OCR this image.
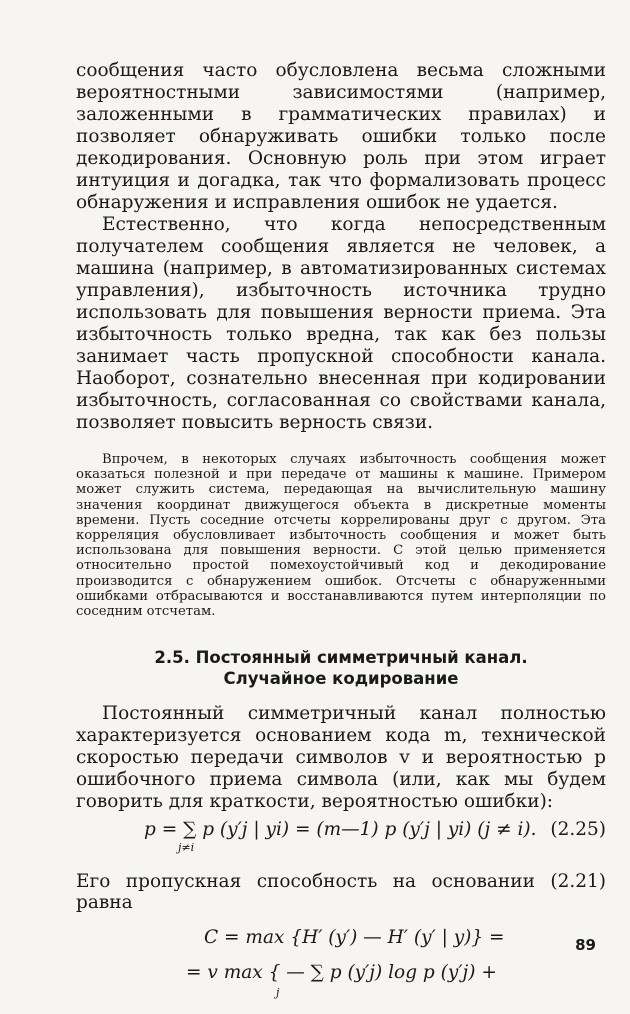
сообщения часто обусловлена весьма сложными вероятностными зависимостями (например, заложенными в грамматических правилах) и позволяет обнаруживать ошибки только после декодирования. Основную роль при этом играет интуиция и догадка, так что формализовать процесс обнаружения и исправления ошибок не удается.

Естественно, что когда непосредственным получателем сообщения является не человек, а машина (например, в автоматизированных системах управления), избыточность источника трудно использовать для повышения верности приема. Эта избыточность только вредна, так как без пользы занимает часть пропускной способности канала. Наоборот, сознательно внесенная при кодировании избыточность, согласованная со свойствами канала, позволяет повысить верность связи.

Впрочем, в некоторых случаях избыточность сообщения может оказаться полезной и при передаче от машины к машине. Примером может служить система, передающая на вычислительную машину значения координат движущегося объекта в дискретные моменты времени. Пусть соседние отсчеты коррелированы друг с другом. Эта корреляция обусловливает избыточность сообщения и может быть использована для повышения верности. С этой целью применяется относительно простой помехоустойчивый код и декодирование производится с обнаружением ошибок. Отсчеты с обнаруженными ошибками отбрасываются и восстанавливаются путем интерполяции по соседним отсчетам.

2.5. Постоянный симметричный канал.
Случайное кодирование

Постоянный симметричный канал полностью характеризуется основанием кода m, технической скоростью передачи символов v и вероятностью p ошибочного приема символа (или, как мы будем говорить для краткости, вероятностью ошибки):

p = ∑ p (y′j | yi) = (m—1) p (y′j | yi) (j ≠ i).
j≠i
(2.25)

Его пропускная способность на основании (2.21) равна

C = max {H′ (y′) — H′ (y′ | y)} =
= v max { — ∑ p (y′j) log p (y′j) +
j
89
